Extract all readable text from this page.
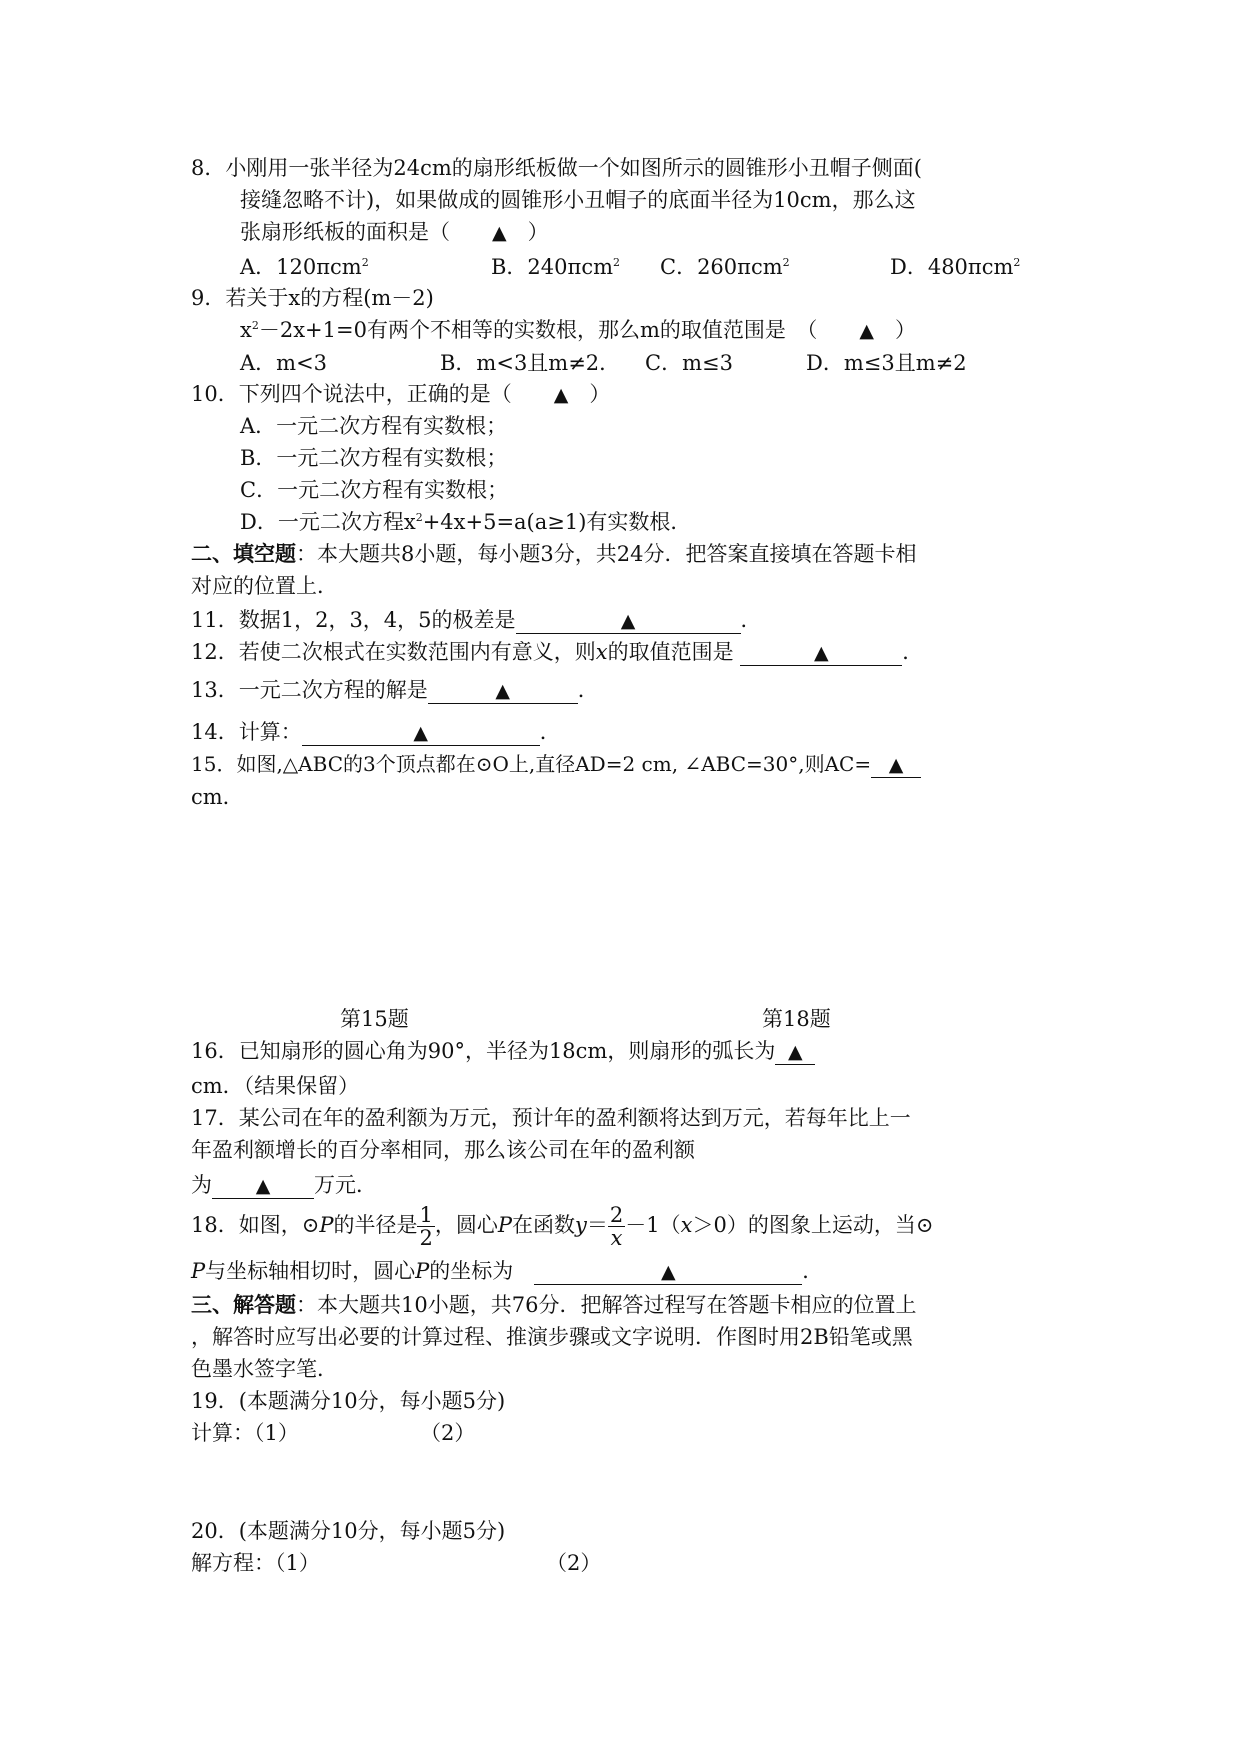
8．小刚用一张半径为24cm的扇形纸板做一个如图所示的圆锥形小丑帽子侧面(
接缝忽略不计)，如果做成的圆锥形小丑帽子的底面半径为10cm，那么这
张扇形纸板的面积是（　　▲　）
A．120πcm$^2$	B．240πcm$^2$ C．260πcm$^2$	D．480πcm$^2$
9．若关于x的方程(m－2)
$x^2-2x+1=0$有两个不相等的实数根，那么m的取值范围是　（　　▲　）
A．m<3	B．m<3且m≠2． C．m≤3	D．m≤3且m≠2
10．下列四个说法中，正确的是（　　▲　）
A．一元二次方程有实数根；
B．一元二次方程有实数根；
C．一元二次方程有实数根；
D．一元二次方程$x^2+4x+5=a(a\ge 1)$有实数根．
二、填空题：本大题共8小题，每小题3分，共24分．把答案直接填在答题卡相
对应的位置上．
11．数据1，2，3，4，5的极差是	▲	．
12．若使二次根式在实数范围内有意义，则x的取值范围是	▲	．
13．一元二次方程的解是	▲	．
14．计算：	▲	．
15．如图,△ABC的3个顶点都在⊙O上,直径AD=2 cm, ∠ABC=30°,则AC= ▲
cm．
第15题	第18题
16．已知扇形的圆心角为90°，半径为18cm，则扇形的弧长为 ▲
cm．（结果保留）
17．某公司在年的盈利额为万元，预计年的盈利额将达到万元，若每年比上一
年盈利额增长的百分率相同，那么该公司在年的盈利额
为 ▲ 万元．
18．如图，⊙P的半径是 $\frac{1}{2}$ ，圆心P在函数$y= \frac{2}{x} -1(x>0)$的图象上运动，当⊙
P与坐标轴相切时，圆心P的坐标为　	▲	．
三、解答题：本大题共10小题，共76分．把解答过程写在答题卡相应的位置上
，解答时应写出必要的计算过程、推演步骤或文字说明．作图时用2B铅笔或黑
色墨水签字笔．
19．(本题满分10分，每小题5分)
计算：（1）	（2）
20．(本题满分10分，每小题5分)
解方程：（1）	（2）
